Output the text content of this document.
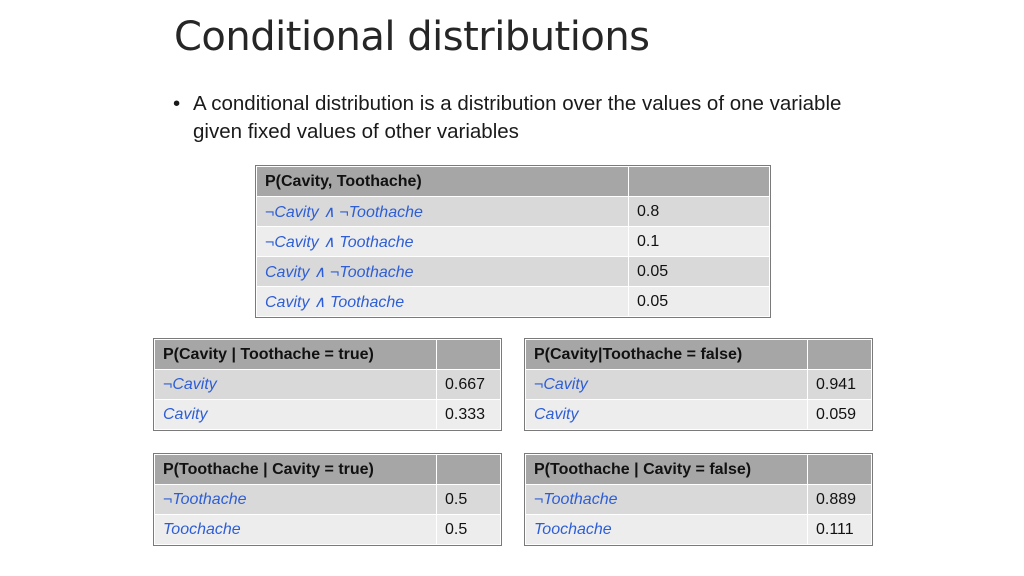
Conditional distributions
• A conditional distribution is a distribution over the values of one variable given fixed values of other variables
P(Cavity, Toothache)	
¬Cavity ∧ ¬Toothache	0.8
¬Cavity ∧ Toothache	0.1
Cavity ∧ ¬Toothache	0.05
Cavity ∧ Toothache	0.05
P(Cavity | Toothache = true)	
¬Cavity	0.667
Cavity	0.333
P(Cavity|Toothache = false)	
¬Cavity	0.941
Cavity	0.059
P(Toothache | Cavity = true)	
¬Toothache	0.5
Toochache	0.5
P(Toothache | Cavity = false)	
¬Toothache	0.889
Toochache	0.111
